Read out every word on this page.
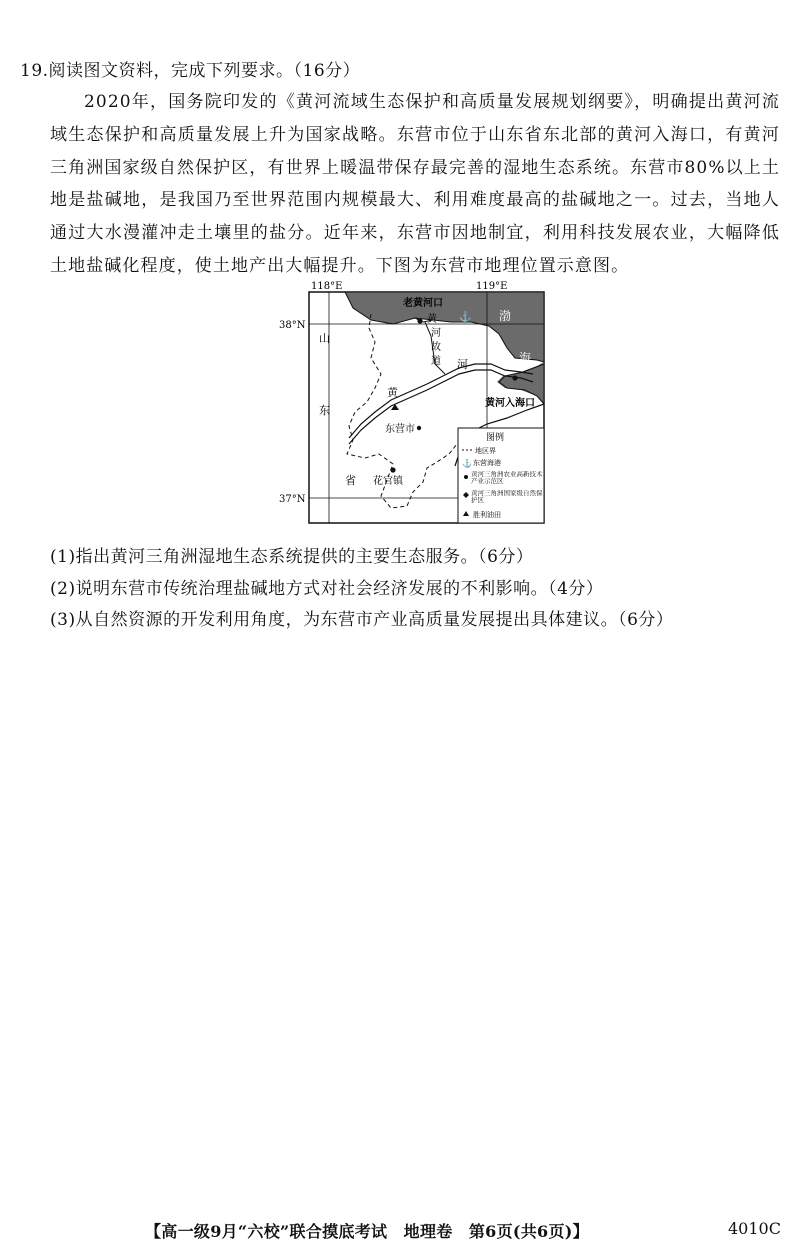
19.阅读图文资料，完成下列要求。（16分）
2020年，国务院印发的《黄河流域生态保护和高质量发展规划纲要》，明确提出黄河流域生态保护和高质量发展上升为国家战略。东营市位于山东省东北部的黄河入海口，有黄河三角洲国家级自然保护区，有世界上暖温带保存最完善的湿地生态系统。东营市80%以上土地是盐碱地，是我国乃至世界范围内规模最大、利用难度最高的盐碱地之一。过去，当地人通过大水漫灌冲走土壤里的盐分。近年来，东营市因地制宜，利用科技发展农业，大幅降低土地盐碱化程度，使土地产出大幅提升。下图为东营市地理位置示意图。
⚓
118°E	119°E
38°N
37°N
老黄河口
黄
河
故
道
黄
河
渤
海
黄河入海口
山
东
省
东营市
花官镇
图例
地区界
⚓ 东营海港
黄河三角洲农业高新技术产业示范区
黄河三角洲国家级自然保护区
胜利油田
(1)指出黄河三角洲湿地生态系统提供的主要生态服务。（6分）
(2)说明东营市传统治理盐碱地方式对社会经济发展的不利影响。（4分）
(3)从自然资源的开发利用角度，为东营市产业高质量发展提出具体建议。（6分）
【高一级9月“六校”联合摸底考试　地理卷　第6页(共6页)】	4010C
